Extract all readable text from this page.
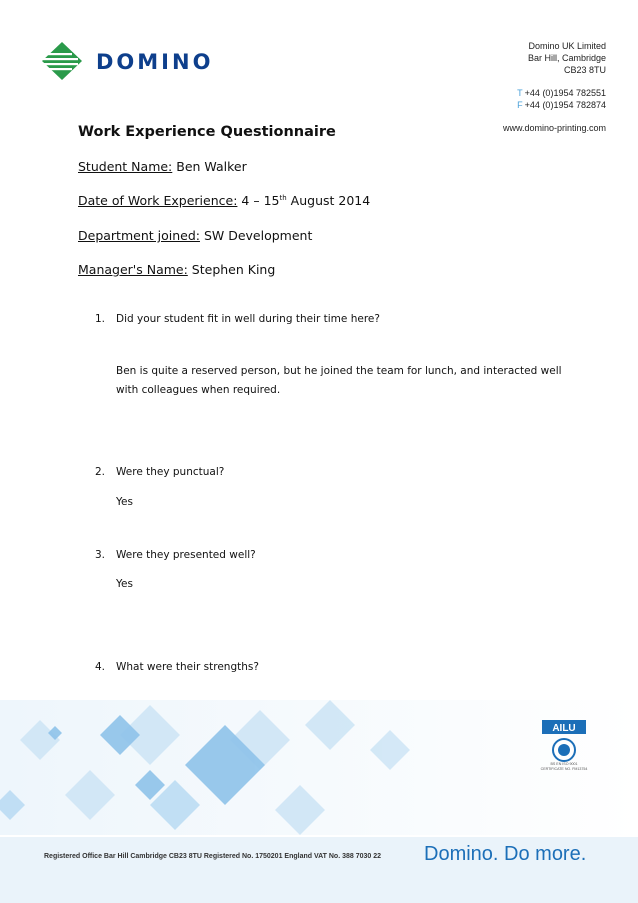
DOMINO
Domino UK Limited
Bar Hill, Cambridge
CB23 8TU
T +44 (0)1954 782551
F +44 (0)1954 782874
www.domino-printing.com
Work Experience Questionnaire
Student Name: Ben Walker
Date of Work Experience: 4 – 15th August 2014
Department joined: SW Development
Manager's Name: Stephen King
1. Did your student fit in well during their time here?
Ben is quite a reserved person, but he joined the team for lunch, and interacted well with colleagues when required.
2. Were they punctual?
Yes
3. Were they presented well?
Yes
4. What were their strengths?
AILU
BS EN ISO 9001
CERTIFICATE NO. FM13754
Registered Office Bar Hill Cambridge CB23 8TU Registered No. 1750201 England VAT No. 388 7030 22 Domino. Do more.
